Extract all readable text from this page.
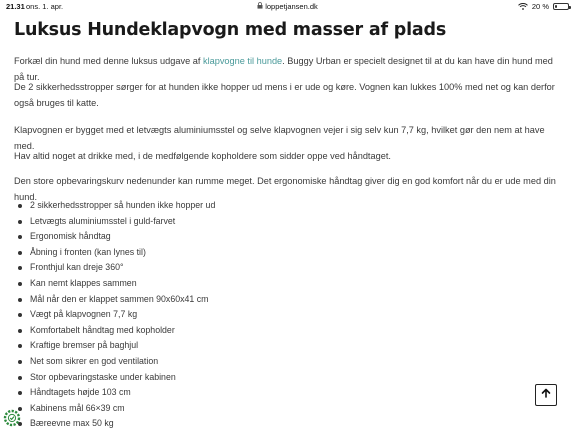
21.31 ons. 1. apr.	loppetjansen.dk	20 %
Luksus Hundeklapvogn med masser af plads

Forkæl din hund med denne luksus udgave af klapvogne til hunde. Buggy Urban er specielt designet til at du kan have din hund med på tur.

De 2 sikkerhedsstropper sørger for at hunden ikke hopper ud mens i er ude og køre. Vognen kan lukkes 100% med net og kan derfor også bruges til katte.

Klapvognen er bygget med et letvægts aluminiumsstel og selve klapvognen vejer i sig selv kun 7,7 kg, hvilket gør den nem at have med.

Hav altid noget at drikke med, i de medfølgende kopholdere som sidder oppe ved håndtaget.

Den store opbevaringskurv nedenunder kan rumme meget. Det ergonomiske håndtag giver dig en god komfort når du er ude med din hund.

2 sikkerhedsstropper så hunden ikke hopper ud
Letvægts aluminiumsstel i guld-farvet
Ergonomisk håndtag
Åbning i fronten (kan lynes til)
Fronthjul kan dreje 360°
Kan nemt klappes sammen
Mål når den er klappet sammen 90x60x41 cm
Vægt på klapvognen 7,7 kg
Komfortabelt håndtag med kopholder
Kraftige bremser på baghjul
Net som sikrer en god ventilation
Stor opbevaringstaske under kabinen
Håndtagets højde 103 cm
Kabinens mål 66×39 cm
Bæreevne max 50 kg
